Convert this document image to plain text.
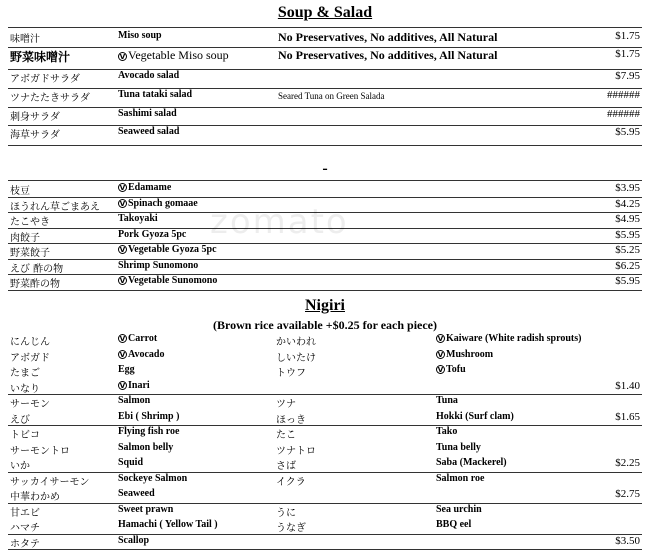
Soup & Salad
味噌汁	Miso soup	No Preservatives, No additives, All Natural	$1.75
野菜味噌汁	V Vegetable Miso soup	No Preservatives, No additives, All Natural	$1.75
アボガドサラダ	Avocado salad	$7.95
ツナたたきサラダ	Tuna tataki salad	Seared Tuna on Green Salada	######
刺身サラダ	Sashimi salad	######
海草サラダ	Seaweed salad	$5.95
-
枝豆	V Edamame	$3.95
ほうれん草ごまあえ	V Spinach gomaae	$4.25
たこやき	Takoyaki	$4.95
肉餃子	Pork Gyoza 5pc	$5.95
野菜餃子	V Vegetable Gyoza 5pc	$5.25
えび 酢の物	Shrimp Sunomono	$6.25
野菜酢の物	V Vegetable Sunomono	$5.95
Nigiri
(Brown rice available +$0.25 for each piece)
にんじん	V Carrot	かいわれ	V Kaiware (White radish sprouts)
アボガド	V Avocado	しいたけ	V Mushroom
たまご	Egg	トウフ	V Tofu
いなり	V Inari	$1.40
サーモン	Salmon	ツナ	Tuna
えび	Ebi ( Shrimp )	ほっき	Hokki (Surf clam)	$1.65
トビコ	Flying fish roe	たこ	Tako
サーモントロ	Salmon belly	ツナトロ	Tuna belly
いか	Squid	さば	Saba (Mackerel)	$2.25
サッカイサーモン	Sockeye Salmon	イクラ	Salmon roe
中華わかめ	Seaweed	$2.75
甘エビ	Sweet prawn	うに	Sea urchin
ハマチ	Hamachi ( Yellow Tail )	うなぎ	BBQ eel
ホタテ	Scallop	$3.50
zomato
